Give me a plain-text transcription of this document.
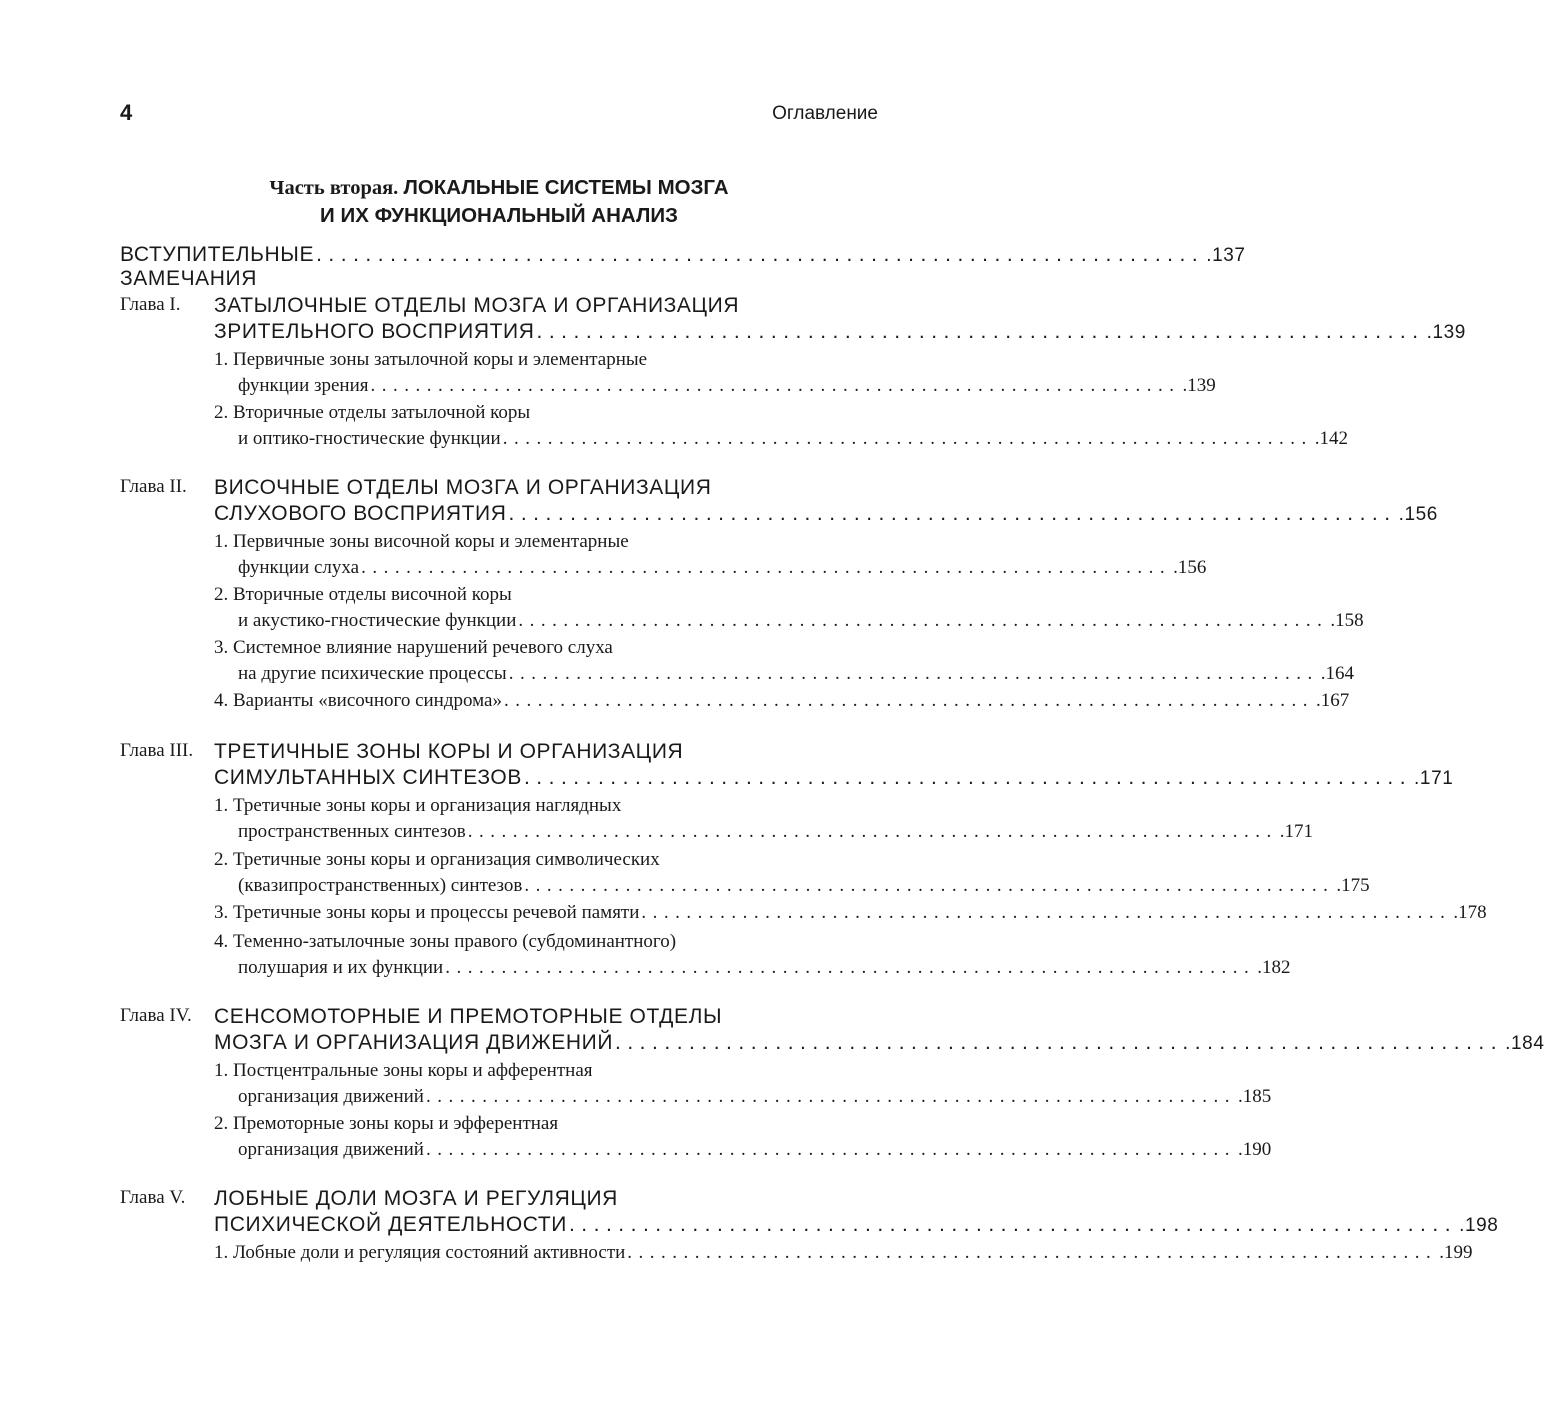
4	Оглавление
Часть вторая. ЛОКАЛЬНЫЕ СИСТЕМЫ МОЗГА
И ИХ ФУНКЦИОНАЛЬНЫЙ АНАЛИЗ
ВСТУПИТЕЛЬНЫЕ ЗАМЕЧАНИЯ
........................................................................ .137
Глава I. ЗАТЫЛОЧНЫЕ ОТДЕЛЫ МОЗГА И ОРГАНИЗАЦИЯ
ЗРИТЕЛЬНОГО ВОСПРИЯТИЯ ........................................................................ .139
1. Первичные зоны затылочной коры и элементарные
функции зрения ........................................................................ .139
2. Вторичные отделы затылочной коры
и оптико-гностические функции ........................................................................ .142
Глава II. ВИСОЧНЫЕ ОТДЕЛЫ МОЗГА И ОРГАНИЗАЦИЯ
СЛУХОВОГО ВОСПРИЯТИЯ ........................................................................ .156
1. Первичные зоны височной коры и элементарные
функции слуха ........................................................................ .156
2. Вторичные отделы височной коры
и акустико-гностические функции ........................................................................ .158
3. Системное влияние нарушений речевого слуха
на другие психические процессы ........................................................................ .164
4. Варианты «височного синдрома» ........................................................................ .167
Глава III. ТРЕТИЧНЫЕ ЗОНЫ КОРЫ И ОРГАНИЗАЦИЯ
СИМУЛЬТАННЫХ СИНТЕЗОВ ........................................................................ .171
1. Третичные зоны коры и организация наглядных
пространственных синтезов ........................................................................ .171
2. Третичные зоны коры и организация символических
(квазипространственных) синтезов ........................................................................ .175
3. Третичные зоны коры и процессы речевой памяти ........................................................................ .178
4. Теменно-затылочные зоны правого (субдоминантного)
полушария и их функции ........................................................................ .182
Глава IV. СЕНСОМОТОРНЫЕ И ПРЕМОТОРНЫЕ ОТДЕЛЫ
МОЗГА И ОРГАНИЗАЦИЯ ДВИЖЕНИЙ ........................................................................ .184
1. Постцентральные зоны коры и афферентная
организация движений ........................................................................ .185
2. Премоторные зоны коры и эфферентная
организация движений ........................................................................ .190
Глава V. ЛОБНЫЕ ДОЛИ МОЗГА И РЕГУЛЯЦИЯ
ПСИХИЧЕСКОЙ ДЕЯТЕЛЬНОСТИ ........................................................................ .198
1. Лобные доли и регуляция состояний активности ........................................................................ .199
